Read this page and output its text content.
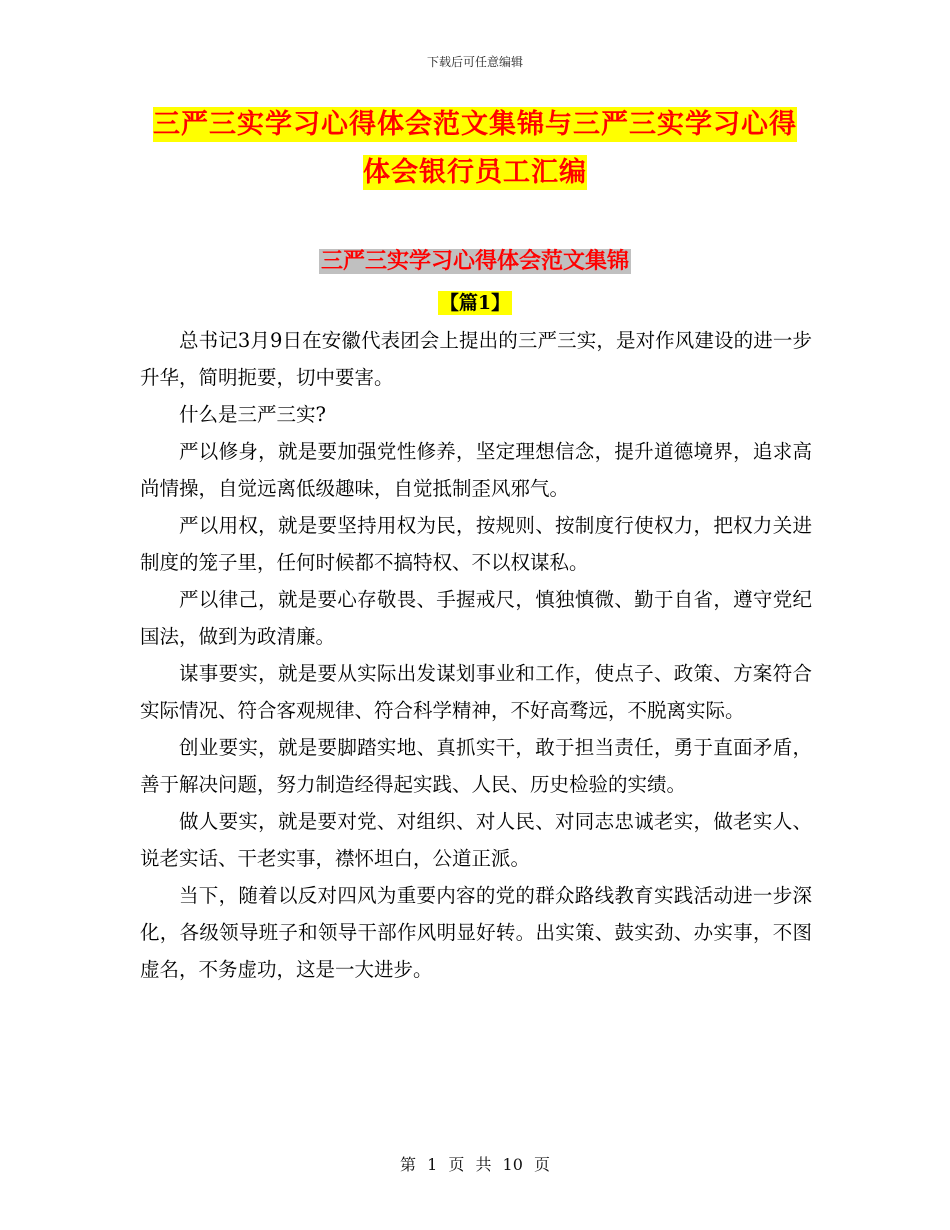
下载后可任意编辑
三严三实学习心得体会范文集锦与三严三实学习心得
体会银行员工汇编
三严三实学习心得体会范文集锦
【篇1】

总书记3月9日在安徽代表团会上提出的三严三实，是对作风建设的进一步升华，简明扼要，切中要害。

什么是三严三实?

严以修身，就是要加强党性修养，坚定理想信念，提升道德境界，追求高尚情操，自觉远离低级趣味，自觉抵制歪风邪气。

严以用权，就是要坚持用权为民，按规则、按制度行使权力，把权力关进制度的笼子里，任何时候都不搞特权、不以权谋私。

严以律己，就是要心存敬畏、手握戒尺，慎独慎微、勤于自省，遵守党纪国法，做到为政清廉。

谋事要实，就是要从实际出发谋划事业和工作，使点子、政策、方案符合实际情况、符合客观规律、符合科学精神，不好高骛远，不脱离实际。

创业要实，就是要脚踏实地、真抓实干，敢于担当责任，勇于直面矛盾，善于解决问题，努力制造经得起实践、人民、历史检验的实绩。

做人要实，就是要对党、对组织、对人民、对同志忠诚老实，做老实人、说老实话、干老实事，襟怀坦白，公道正派。

当下，随着以反对四风为重要内容的党的群众路线教育实践活动进一步深化，各级领导班子和领导干部作风明显好转。出实策、鼓实劲、办实事，不图虚名，不务虚功，这是一大进步。

第 1 页 共 10 页
